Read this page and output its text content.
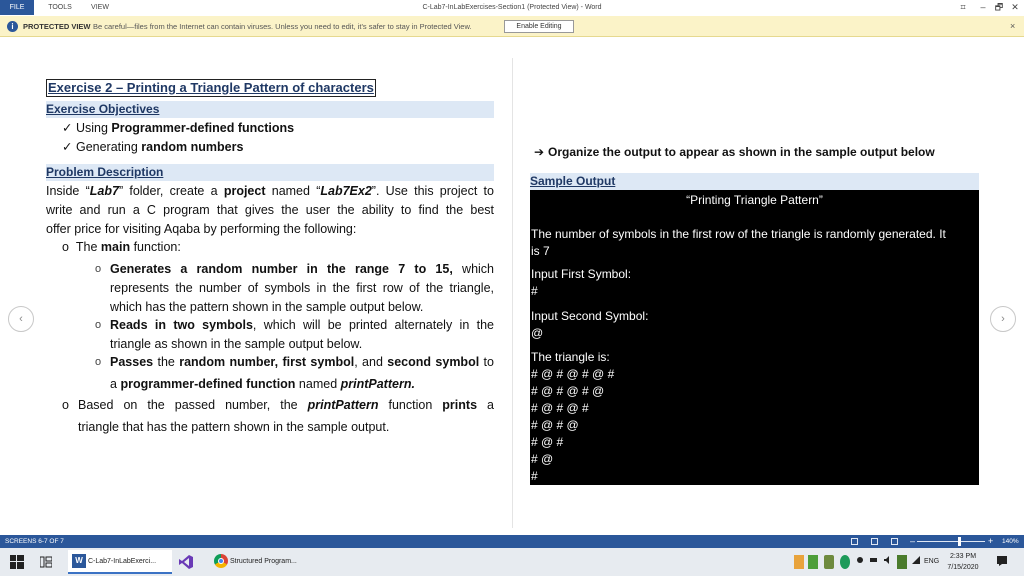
FILE	TOOLS	VIEW	C-Lab7-InLabExercises-Section1 (Protected View) - Word	⌗	–	🗗 ✕
i	PROTECTED VIEW Be careful—files from the Internet can contain viruses. Unless you need to edit, it's safer to stay in Protected View.	Enable Editing	×
‹	›
Exercise 2 – Printing a Triangle Pattern of characters
Exercise Objectives
✓ Using Programmer-defined functions
✓ Generating random numbers
Problem Description
Inside “Lab7” folder, create a project named “Lab7Ex2”. Use this project to
write and run a C program that gives the user the ability to find the best
offer price for visiting Aqaba by performing the following:
o The main function:
o Generates a random number in the range 7 to 15, which
represents the number of symbols in the first row of the triangle,
which has the pattern shown in the sample output below.
o Reads in two symbols, which will be printed alternately in the
triangle as shown in the sample output below.
o Passes the random number, first symbol, and second symbol to
a programmer-defined function named printPattern.
o Based on the passed number, the printPattern function prints a
triangle that has the pattern shown in the sample output.
➔ Organize the output to appear as shown in the sample output below
Sample Output
“Printing Triangle Pattern”
The number of symbols in the first row of the triangle is randomly generated. It
is 7
Input First Symbol:
#
Input Second Symbol:
@
The triangle is:
# @ # @ # @ #
# @ # @ # @
# @ # @ #
# @ # @
# @ #
# @
#
SCREENS 6-7 OF 7	–	+ 140%
W C-Lab7-InLabExerci...	Structured Program...	ENG
2:33 PM
7/15/2020
